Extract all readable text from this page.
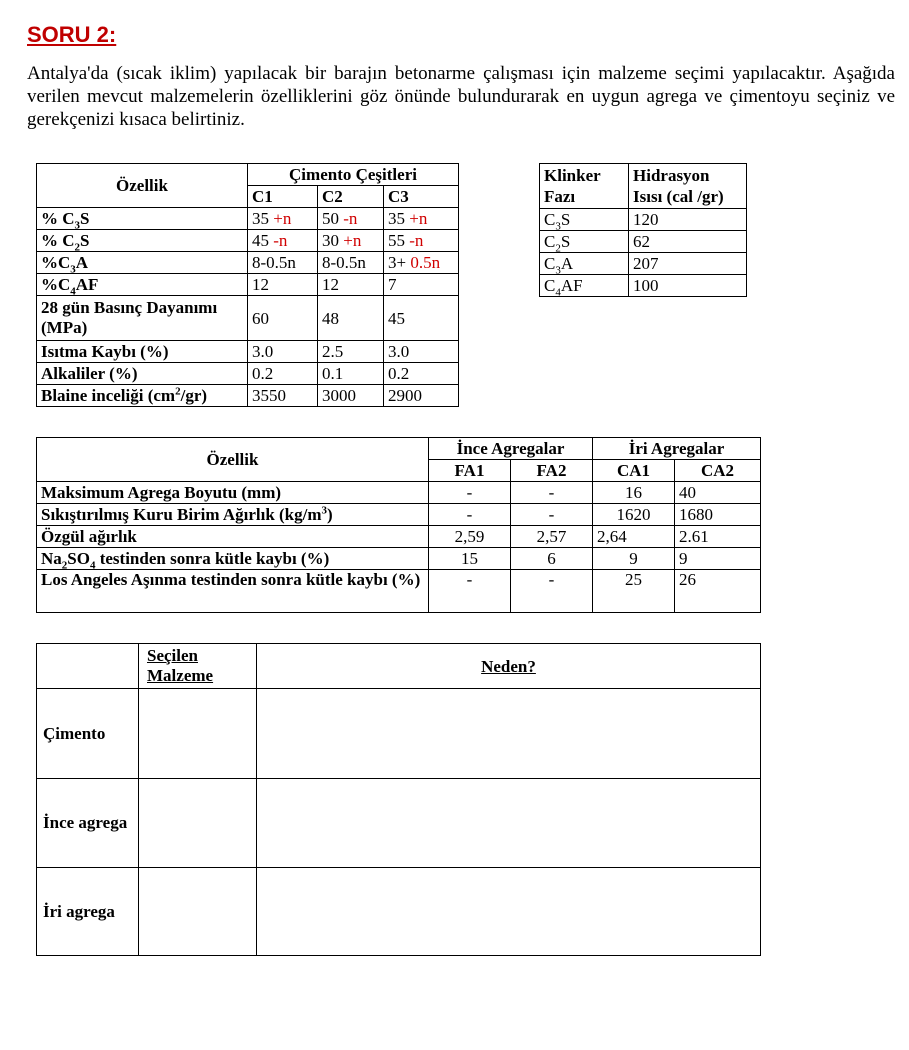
SORU 2:

Antalya'da (sıcak iklim) yapılacak bir barajın betonarme çalışması için malzeme seçimi yapılacaktır. Aşağıda verilen mevcut malzemelerin özelliklerini göz önünde bulundurarak en uygun agrega ve çimentoyu seçiniz ve gerekçenizi kısaca belirtiniz.

Özellik	Çimento Çeşitleri		
	C1	C2	C3
% $C_3S$	35 +n	50 -n	35 +n
% $C_2S$	45 -n	30 +n	55 -n
$\%C_3A$	8-0.5n	8-0.5n	3+ 0.5n
$\%C_4AF$	12	12	7
28 gün Basınç Dayanımı (MPa)	60	48	45
Isıtma Kaybı (%)	3.0	2.5	3.0
Alkaliler (%)	0.2	0.1	0.2
Blaine inceliği $(cm^2/gr)$	3550	3000	2900
Klinker Fazı	Hidrasyon Isısı (cal /gr)
$C_3S$	120
$C_2S$	62
$C_3A$	207
$C_4AF$	100
Özellik	İnce Agregalar		İri Agregalar	
	FA1	FA2	CA1	CA2
Maksimum Agrega Boyutu (mm)	-	-	16	40
Sıkıştırılmış Kuru Birim Ağırlık $(kg/m^3)$	-	-	1620	1680
Özgül ağırlık	2,59	2,57	2,64	2.61
$Na_2SO_4$ testinden sonra kütle kaybı (%)	15	6	9	9
Los Angeles Aşınma testinden sonra kütle kaybı (%)	-	-	25	26
	Seçilen Malzeme	Neden?
Çimento		
İnce agrega		
İri agrega		
